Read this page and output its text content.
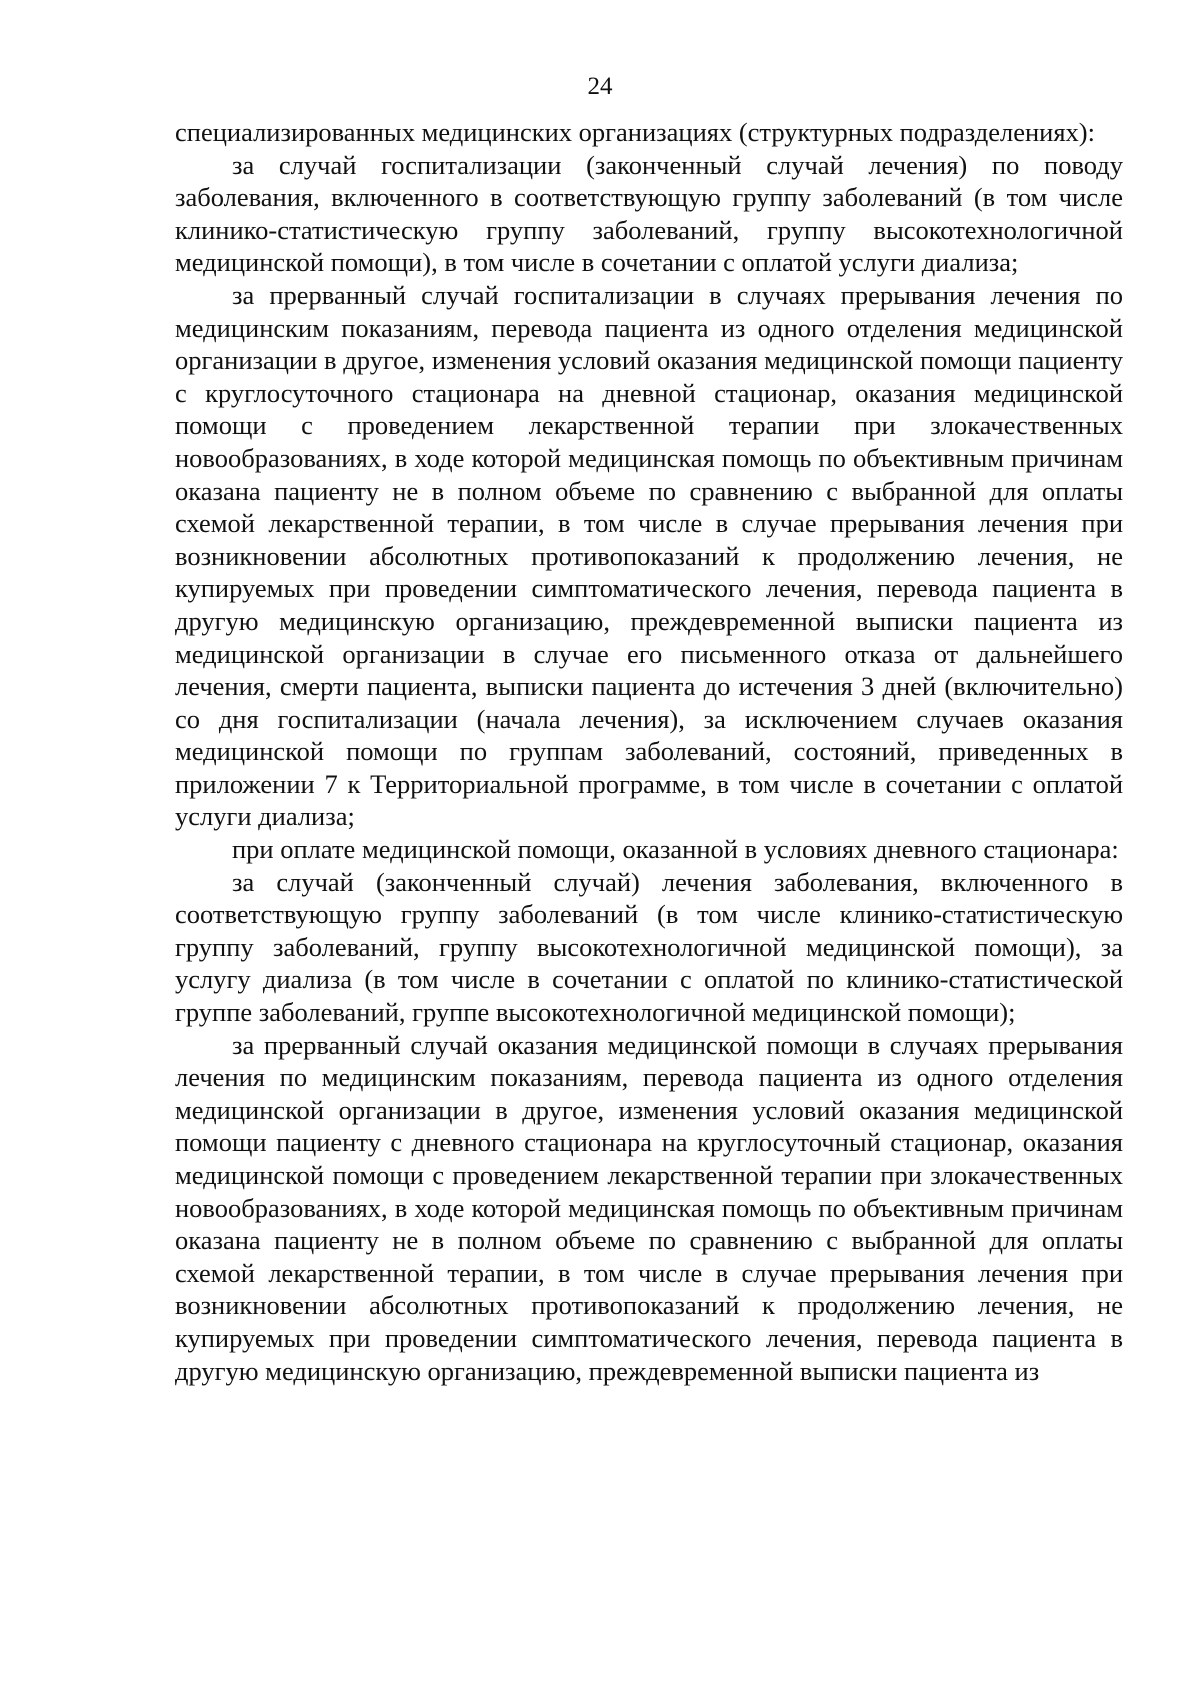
24

специализированных медицинских организациях (структурных подразделениях):

за случай госпитализации (законченный случай лечения) по поводу заболевания, включенного в соответствующую группу заболеваний (в том числе клинико-статистическую группу заболеваний, группу высокотехнологичной медицинской помощи), в том числе в сочетании с оплатой услуги диализа;

за прерванный случай госпитализации в случаях прерывания лечения по медицинским показаниям, перевода пациента из одного отделения медицинской организации в другое, изменения условий оказания медицинской помощи пациенту с круглосуточного стационара на дневной стационар, оказания медицинской помощи с проведением лекарственной терапии при злокачественных новообразованиях, в ходе которой медицинская помощь по объективным причинам оказана пациенту не в полном объеме по сравнению с выбранной для оплаты схемой лекарственной терапии, в том числе в случае прерывания лечения при возникновении абсолютных противопоказаний к продолжению лечения, не купируемых при проведении симптоматического лечения, перевода пациента в другую медицинскую организацию, преждевременной выписки пациента из медицинской организации в случае его письменного отказа от дальнейшего лечения, смерти пациента, выписки пациента до истечения 3 дней (включительно) со дня госпитализации (начала лечения), за исключением случаев оказания медицинской помощи по группам заболеваний, состояний, приведенных в приложении 7 к Территориальной программе, в том числе в сочетании с оплатой услуги диализа;

при оплате медицинской помощи, оказанной в условиях дневного стационара:

за случай (законченный случай) лечения заболевания, включенного в соответствующую группу заболеваний (в том числе клинико-статистическую группу заболеваний, группу высокотехнологичной медицинской помощи), за услугу диализа (в том числе в сочетании с оплатой по клинико-статистической группе заболеваний, группе высокотехнологичной медицинской помощи);

за прерванный случай оказания медицинской помощи в случаях прерывания лечения по медицинским показаниям, перевода пациента из одного отделения медицинской организации в другое, изменения условий оказания медицинской помощи пациенту с дневного стационара на круглосуточный стационар, оказания медицинской помощи с проведением лекарственной терапии при злокачественных новообразованиях, в ходе которой медицинская помощь по объективным причинам оказана пациенту не в полном объеме по сравнению с выбранной для оплаты схемой лекарственной терапии, в том числе в случае прерывания лечения при возникновении абсолютных противопоказаний к продолжению лечения, не купируемых при проведении симптоматического лечения, перевода пациента в другую медицинскую организацию, преждевременной выписки пациента из
